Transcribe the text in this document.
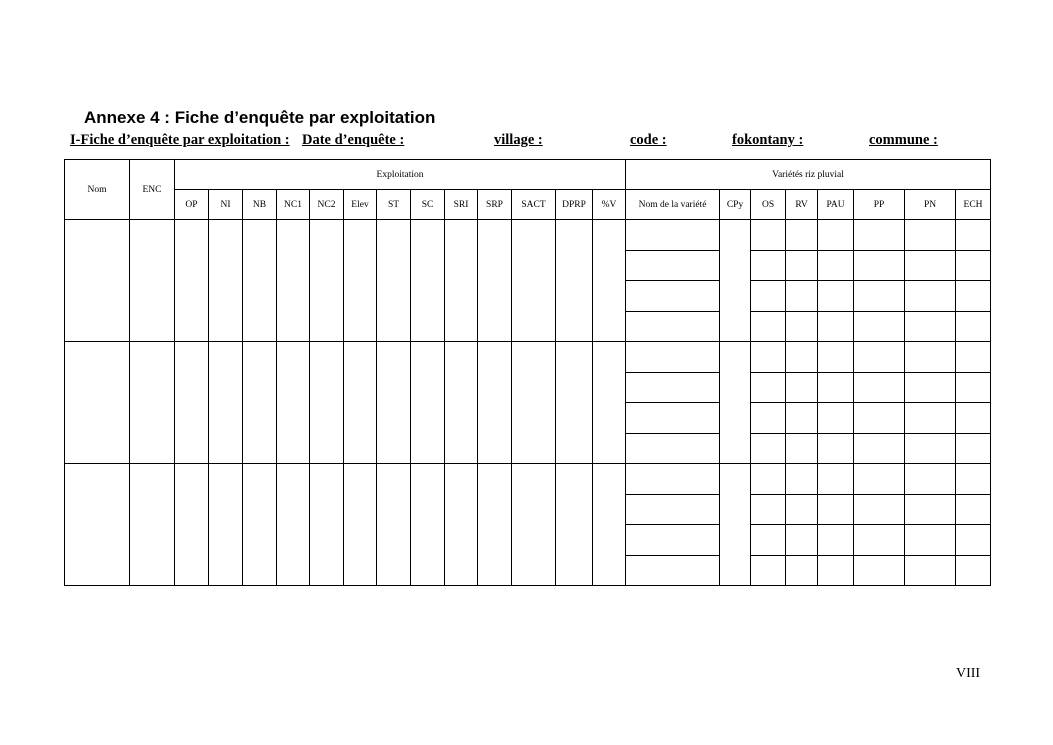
Annexe 4 : Fiche d’enquête par exploitation
I-Fiche d’enquête par exploitation : Date d’enquête :	village :	code :	fokontany :	commune :
Nom	ENC	Exploitation													Variétés riz pluvial							
		OP	NI	NB	NC1	NC2	Elev	ST	SC	SRI	SRP	SACT	DPRP	%V	Nom de la variété	CPy	OS	RV	PAU	PP	PN	ECH

VIII
